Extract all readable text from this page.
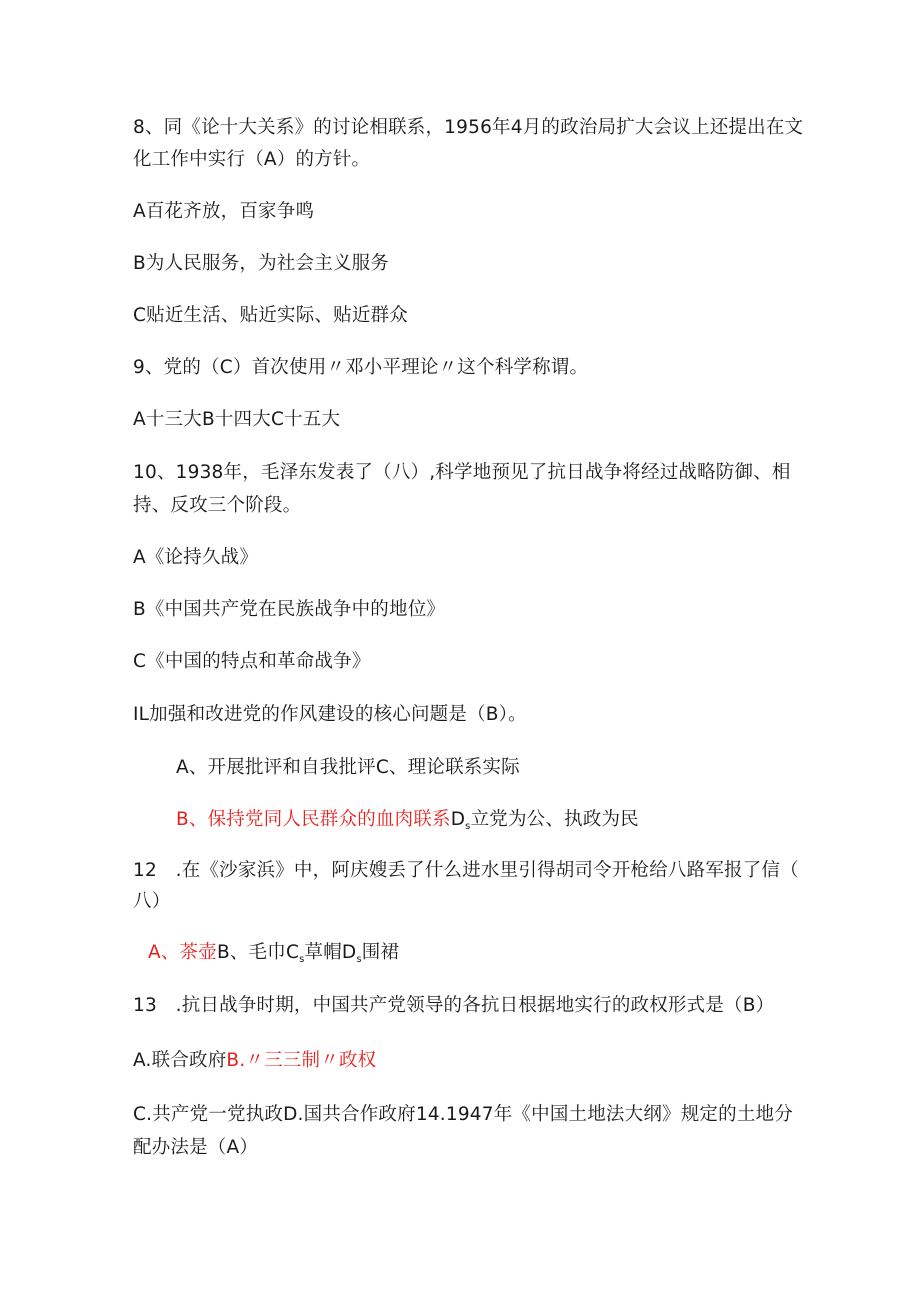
8、同《论十大关系》的讨论相联系，1956年4月的政治局扩大会议上还提出在文
化工作中实行（A）的方针。
A百花齐放，百家争鸣
B为人民服务，为社会主义服务
C贴近生活、贴近实际、贴近群众
9、党的（C）首次使用〃邓小平理论〃这个科学称谓。
A十三大B十四大C十五大
10、1938年，毛泽东发表了（八）,科学地预见了抗日战争将经过战略防御、相
持、反攻三个阶段。
A《论持久战》
B《中国共产党在民族战争中的地位》
C《中国的特点和革命战争》
IL加强和改进党的作风建设的核心问题是（B）。
A、开展批评和自我批评C、理论联系实际
B、保持党同人民群众的血肉联系$D_s$立党为公、执政为民
12　.在《沙家浜》中，阿庆嫂丢了什么进水里引得胡司令开枪给八路军报了信（
八）
A、茶壶B、毛巾$C_s$草帽$D_s$围裙
13　.抗日战争时期，中国共产党领导的各抗日根据地实行的政权形式是（B）
A.联合政府B.〃三三制〃政权
C.共产党一党执政D.国共合作政府14.1947年《中国土地法大纲》规定的土地分
配办法是（A）
